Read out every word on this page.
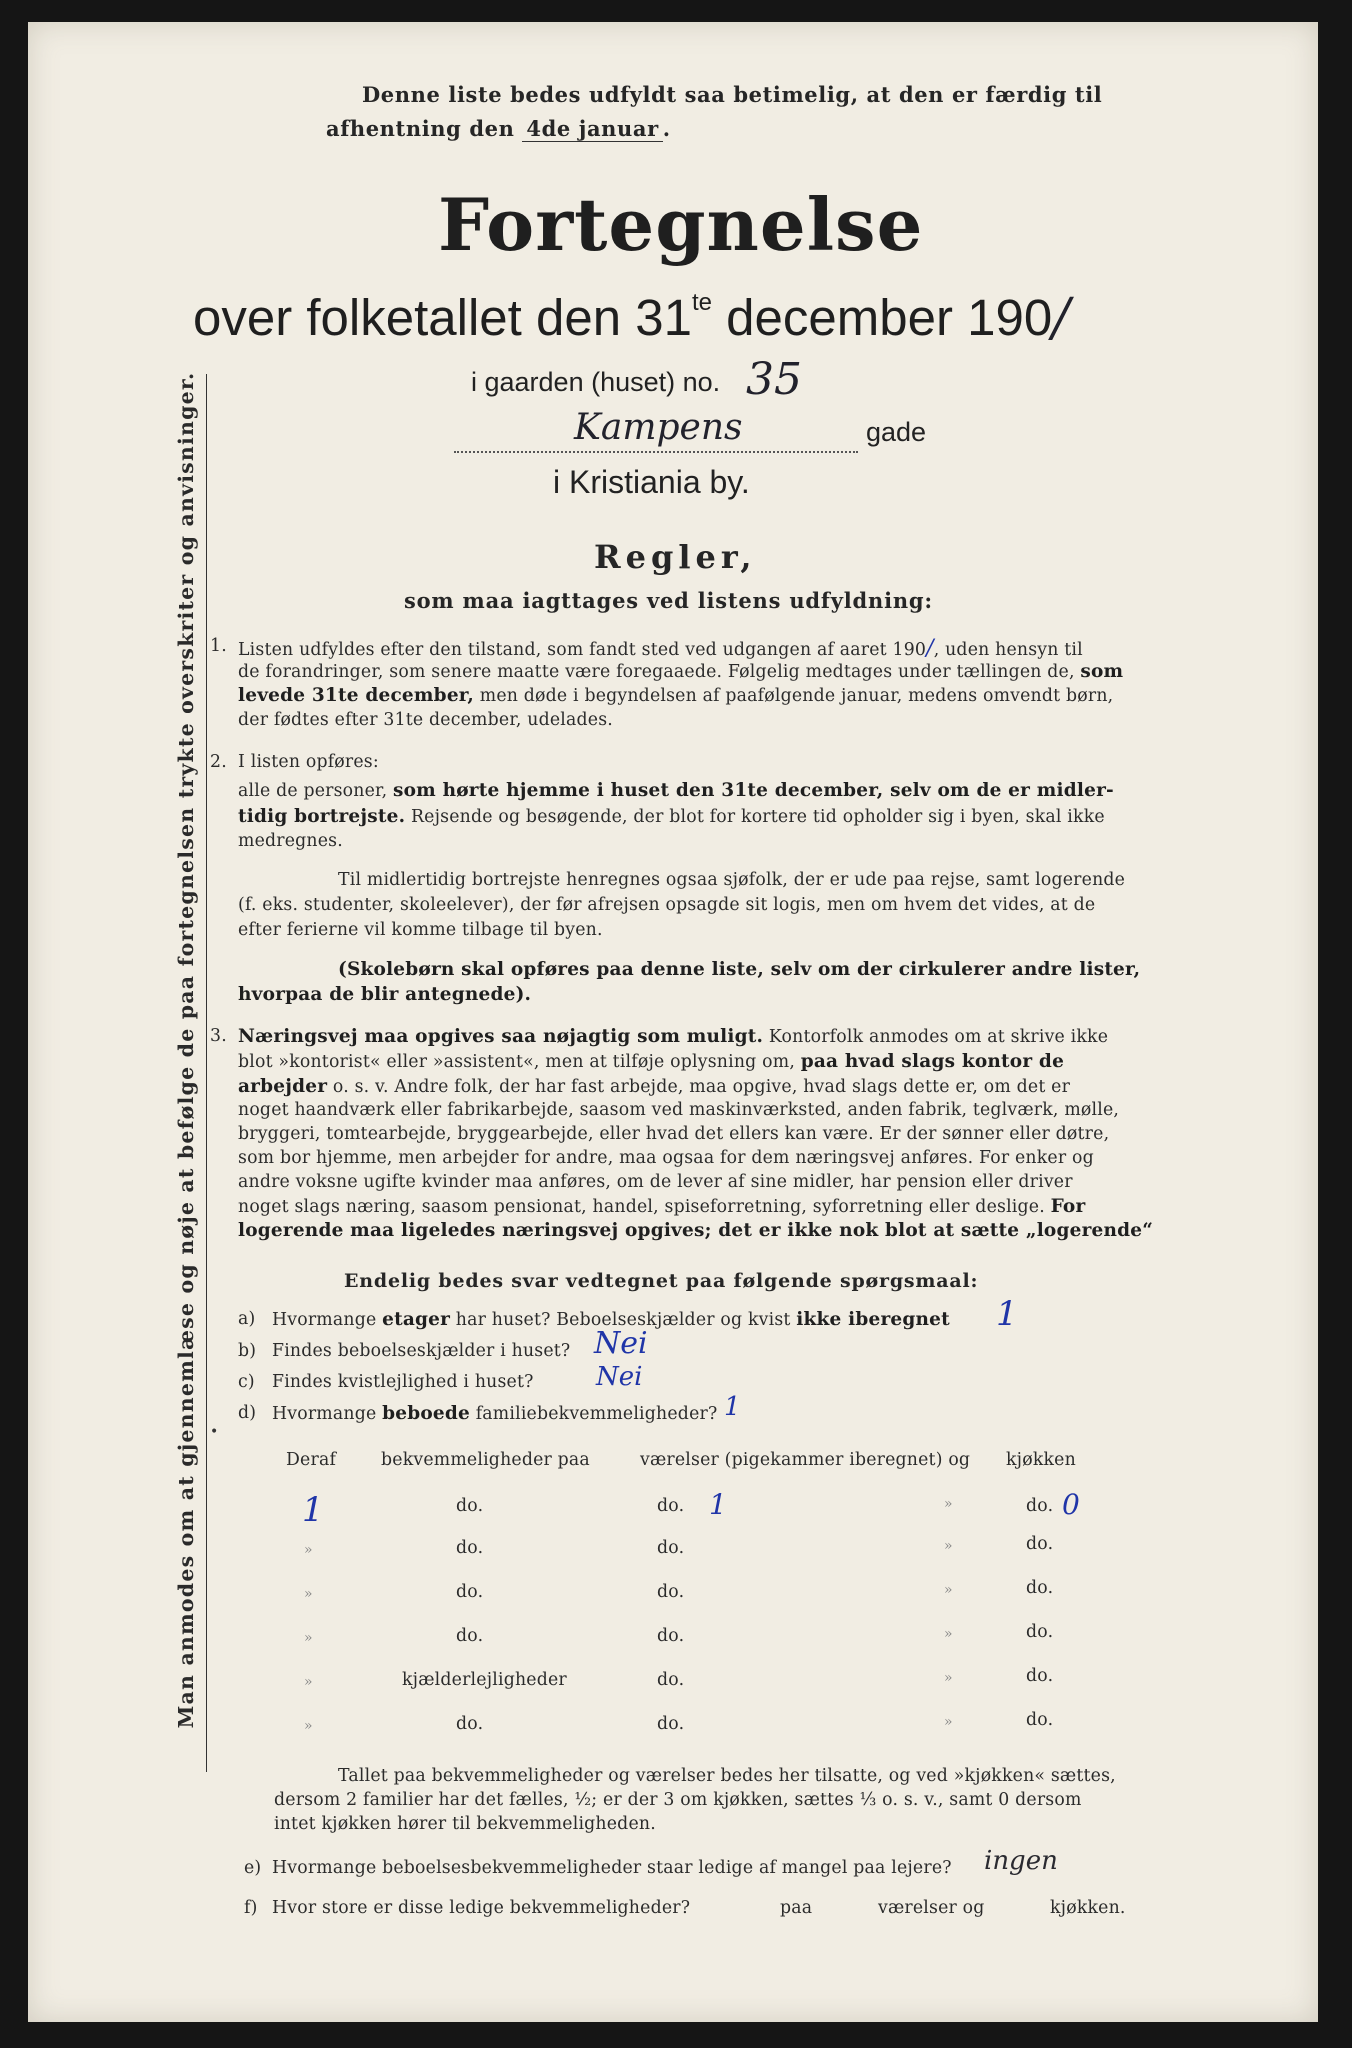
Man anmodes om at gjennemlæse og nøje at befølge de paa fortegnelsen trykte overskriter og anvisninger.
Denne liste bedes udfyldt saa betimelig, at den er færdig til
afhentning den 4de januar .
Fortegnelse
over folketallet den $31^{te}$ december 190/
i gaarden (huset) no. 35
Kampens	gade
i Kristiania by.
Regler,
som maa iagttages ved listens udfyldning:
1. Listen udfyldes efter den tilstand, som fandt sted ved udgangen af aaret 190/, uden hensyn til
de forandringer, som senere maatte være foregaaede. Følgelig medtages under tællingen de, som
levede 31te december, men døde i begyndelsen af paafølgende januar, medens omvendt børn,
der fødtes efter 31te december, udelades.
2. I listen opføres:
alle de personer, som hørte hjemme i huset den 31te december, selv om de er midler-
tidig bortrejste. Rejsende og besøgende, der blot for kortere tid opholder sig i byen, skal ikke
medregnes.
Til midlertidig bortrejste henregnes ogsaa sjøfolk, der er ude paa rejse, samt logerende
(f. eks. studenter, skoleelever), der før afrejsen opsagde sit logis, men om hvem det vides, at de
efter ferierne vil komme tilbage til byen.
(Skolebørn skal opføres paa denne liste, selv om der cirkulerer andre lister,
hvorpaa de blir antegnede).
3. Næringsvej maa opgives saa nøjagtig som muligt. Kontorfolk anmodes om at skrive ikke
blot »kontorist« eller »assistent«, men at tilføje oplysning om, paa hvad slags kontor de
arbejder o. s. v. Andre folk, der har fast arbejde, maa opgive, hvad slags dette er, om det er
noget haandværk eller fabrikarbejde, saasom ved maskinværksted, anden fabrik, teglværk, mølle,
bryggeri, tomtearbejde, bryggearbejde, eller hvad det ellers kan være. Er der sønner eller døtre,
som bor hjemme, men arbejder for andre, maa ogsaa for dem næringsvej anføres. For enker og
andre voksne ugifte kvinder maa anføres, om de lever af sine midler, har pension eller driver
noget slags næring, saasom pensionat, handel, spiseforretning, syforretning eller deslige. For
logerende maa ligeledes næringsvej opgives; det er ikke nok blot at sætte „logerende“
Endelig bedes svar vedtegnet paa følgende spørgsmaal:
a) Hvormange etager har huset? Beboelseskjælder og kvist ikke iberegnet 1
b) Findes beboelseskjælder i huset? Nei
c) Findes kvistlejlighed i huset? Nei
d) Hvormange beboede familiebekvemmeligheder? 1
•
Deraf	bekvemmeligheder paa	værelser (pigekammer iberegnet) og kjøkken
1	do.	do. 1	»	do. 0
»	do.	do.	»	do.
»	do.	do.	»	do.
»	do.	do.	»	do.
»	kjælderlejligheder	do.	»	do.
»	do.	do.	»	do.
Tallet paa bekvemmeligheder og værelser bedes her tilsatte, og ved »kjøkken« sættes,
dersom 2 familier har det fælles, ½; er der 3 om kjøkken, sættes ⅓ o. s. v., samt 0 dersom
intet kjøkken hører til bekvemmeligheden.
e) Hvormange beboelsesbekvemmeligheder staar ledige af mangel paa lejere? ingen
f) Hvor store er disse ledige bekvemmeligheder?	paa	værelser og	kjøkken.
